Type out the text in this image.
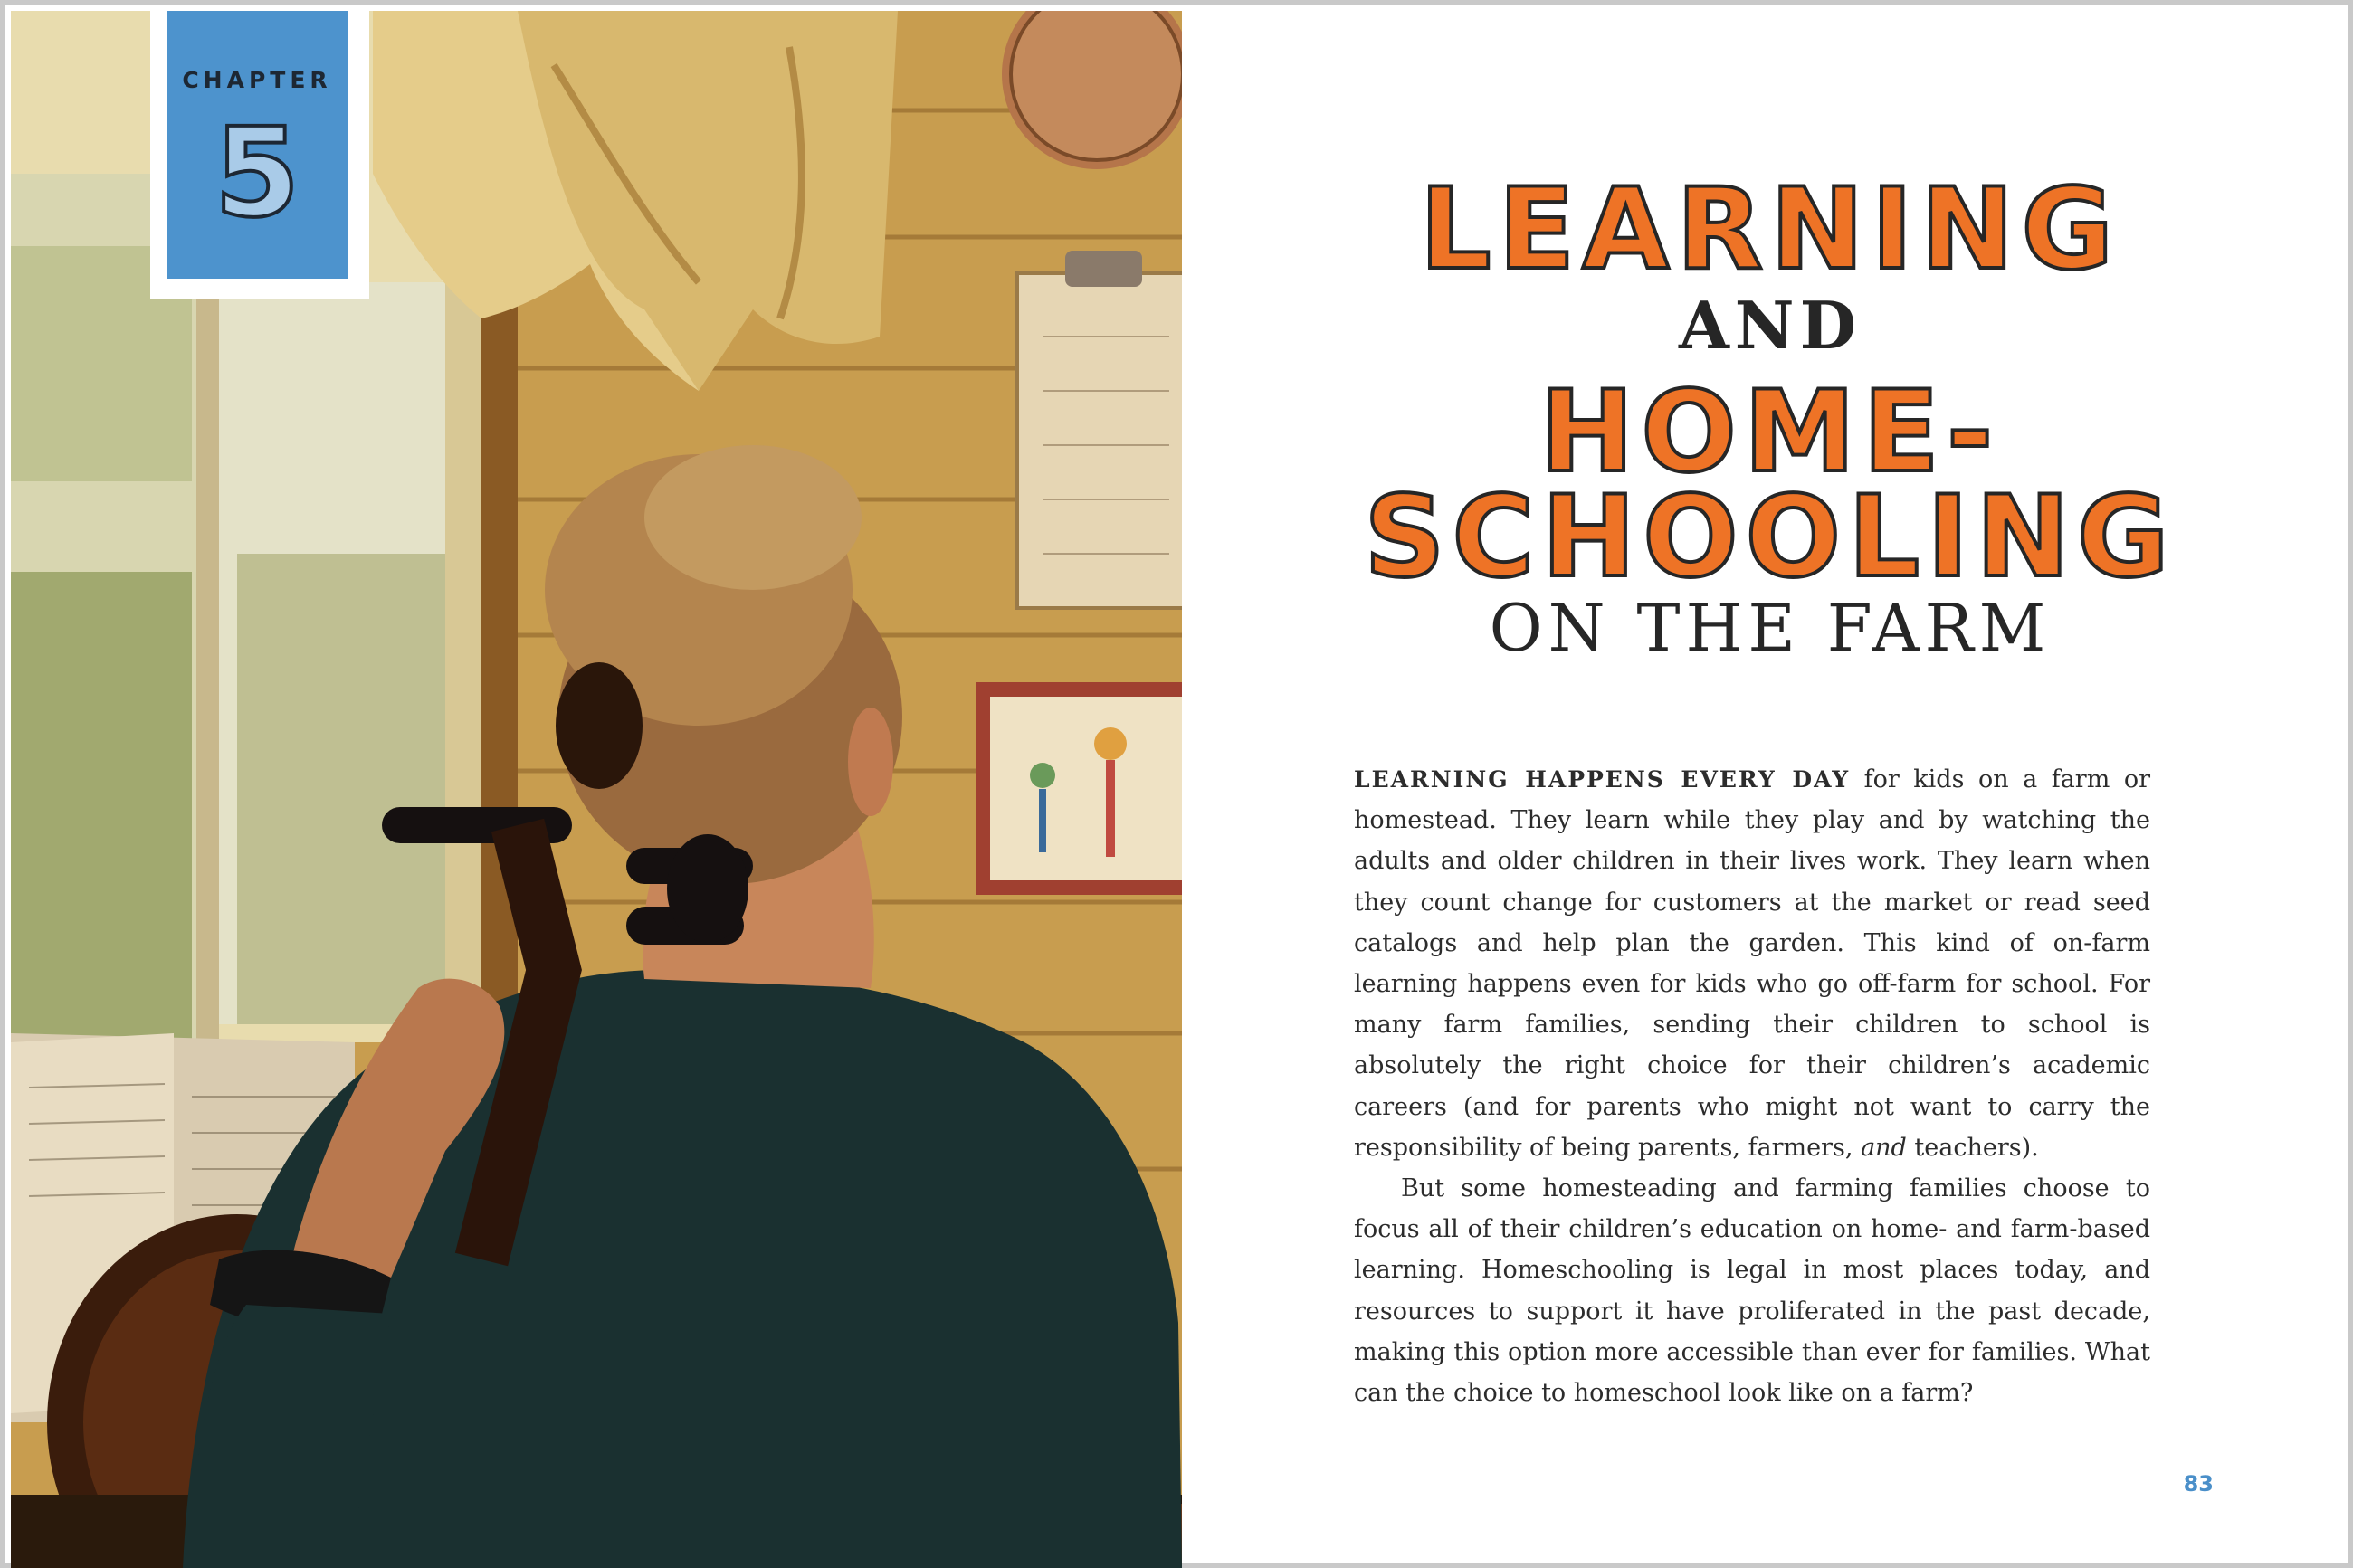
CHAPTER
5	LEARNING
AND
HOME-
SCHOOLING
ON THE FARM

LEARNING HAPPENS EVERY DAY for kids on a farm or homestead. They learn while they play and by watching the adults and older children in their lives work. They learn when they count change for customers at the market or read seed catalogs and help plan the garden. This kind of on-farm learning happens even for kids who go off-farm for school. For many farm families, sending their children to school is absolutely the right choice for their children’s academic careers (and for parents who might not want to carry the responsibility of being parents, farmers, and teachers).

But some homesteading and farming families choose to focus all of their children’s education on home- and farm-based learning. Homeschooling is legal in most places today, and resources to support it have proliferated in the past decade, making this option more accessible than ever for families. What can the choice to homeschool look like on a farm?

83
